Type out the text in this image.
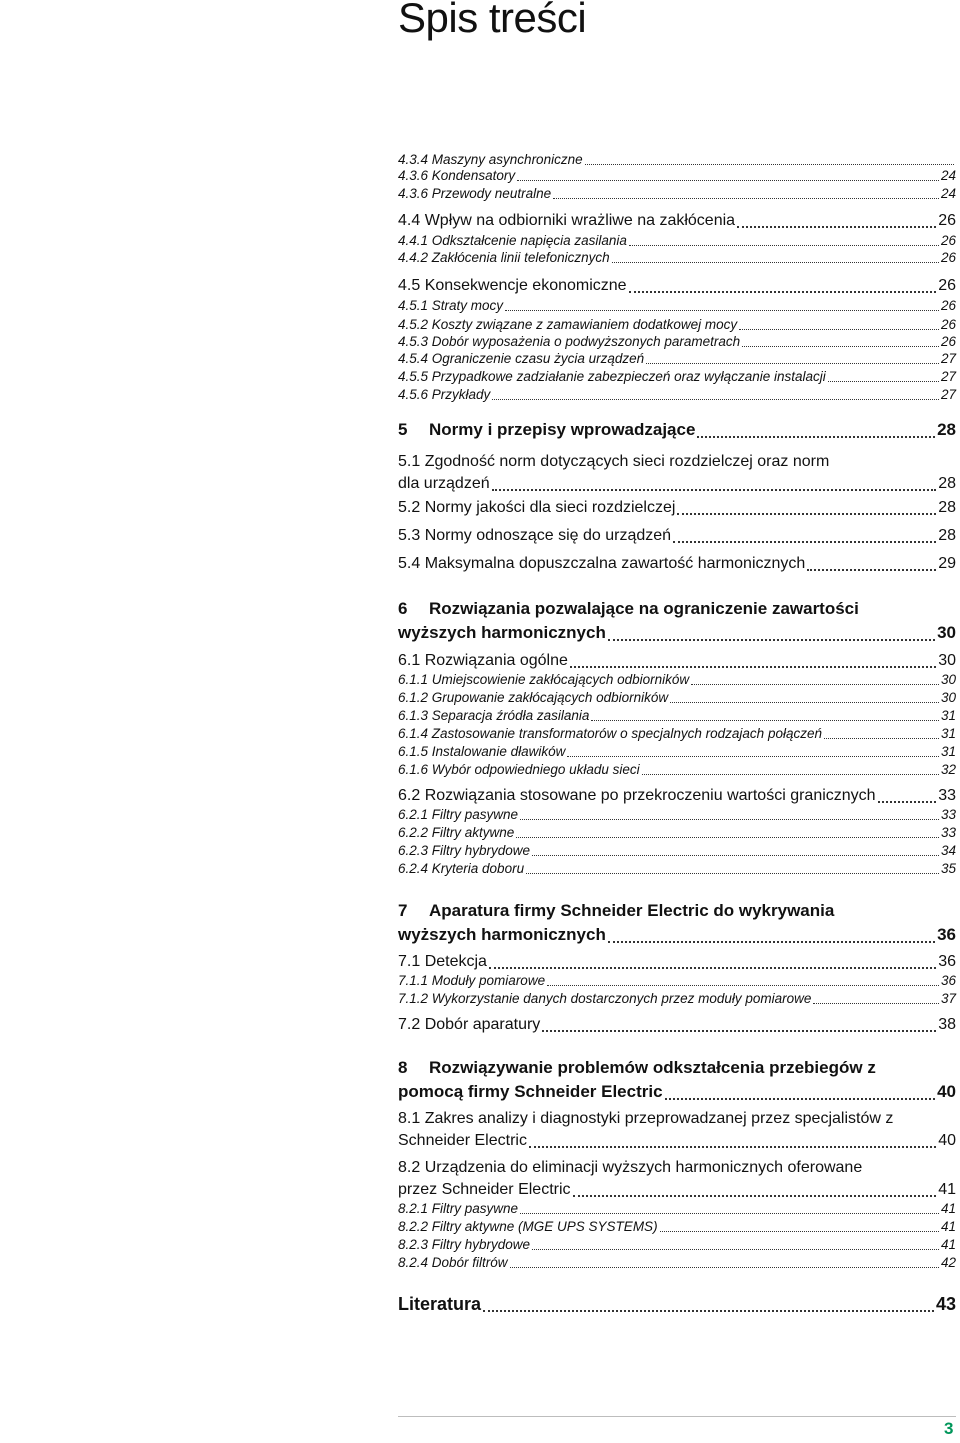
Spis treści
4.3.4 Maszyny asynchroniczne
4.3.6 Kondensatory	24
4.3.6 Przewody neutralne	24
4.4 Wpływ na odbiorniki wrażliwe na zakłócenia	26
4.4.1 Odkształcenie napięcia zasilania	26
4.4.2 Zakłócenia linii telefonicznych	26
4.5 Konsekwencje ekonomiczne	26
4.5.1 Straty mocy	26
4.5.2 Koszty związane z zamawianiem dodatkowej mocy	26
4.5.3 Dobór wyposażenia o podwyższonych parametrach	26
4.5.4 Ograniczenie czasu życia urządzeń	27
4.5.5 Przypadkowe zadziałanie zabezpieczeń oraz wyłączanie instalacji	27
4.5.6 Przykłady	27
5 Normy i przepisy wprowadzające	28
5.1 Zgodność norm dotyczących sieci rozdzielczej oraz norm
dla urządzeń	28
5.2 Normy jakości dla sieci rozdzielczej	28
5.3 Normy odnoszące się do urządzeń	28
5.4 Maksymalna dopuszczalna zawartość harmonicznych	29
6 Rozwiązania pozwalające na ograniczenie zawartości
wyższych harmonicznych	30
6.1 Rozwiązania ogólne	30
6.1.1 Umiejscowienie zakłócających odbiorników	30
6.1.2 Grupowanie zakłócających odbiorników	30
6.1.3 Separacja źródła zasilania	31
6.1.4 Zastosowanie transformatorów o specjalnych rodzajach połączeń	31
6.1.5 Instalowanie dławików	31
6.1.6 Wybór odpowiedniego układu sieci	32
6.2 Rozwiązania stosowane po przekroczeniu wartości granicznych	33
6.2.1 Filtry pasywne	33
6.2.2 Filtry aktywne	33
6.2.3 Filtry hybrydowe	34
6.2.4 Kryteria doboru	35
7 Aparatura firmy Schneider Electric do wykrywania
wyższych harmonicznych	36
7.1 Detekcja	36
7.1.1 Moduły pomiarowe	36
7.1.2 Wykorzystanie danych dostarczonych przez moduły pomiarowe	37
7.2 Dobór aparatury	38
8 Rozwiązywanie problemów odkształcenia przebiegów z
pomocą firmy Schneider Electric	40
8.1 Zakres analizy i diagnostyki przeprowadzanej przez specjalistów z
Schneider Electric	40
8.2 Urządzenia do eliminacji wyższych harmonicznych oferowane
przez Schneider Electric	41
8.2.1 Filtry pasywne	41
8.2.2 Filtry aktywne (MGE UPS SYSTEMS)	41
8.2.3 Filtry hybrydowe	41
8.2.4 Dobór filtrów	42
Literatura	43
3
